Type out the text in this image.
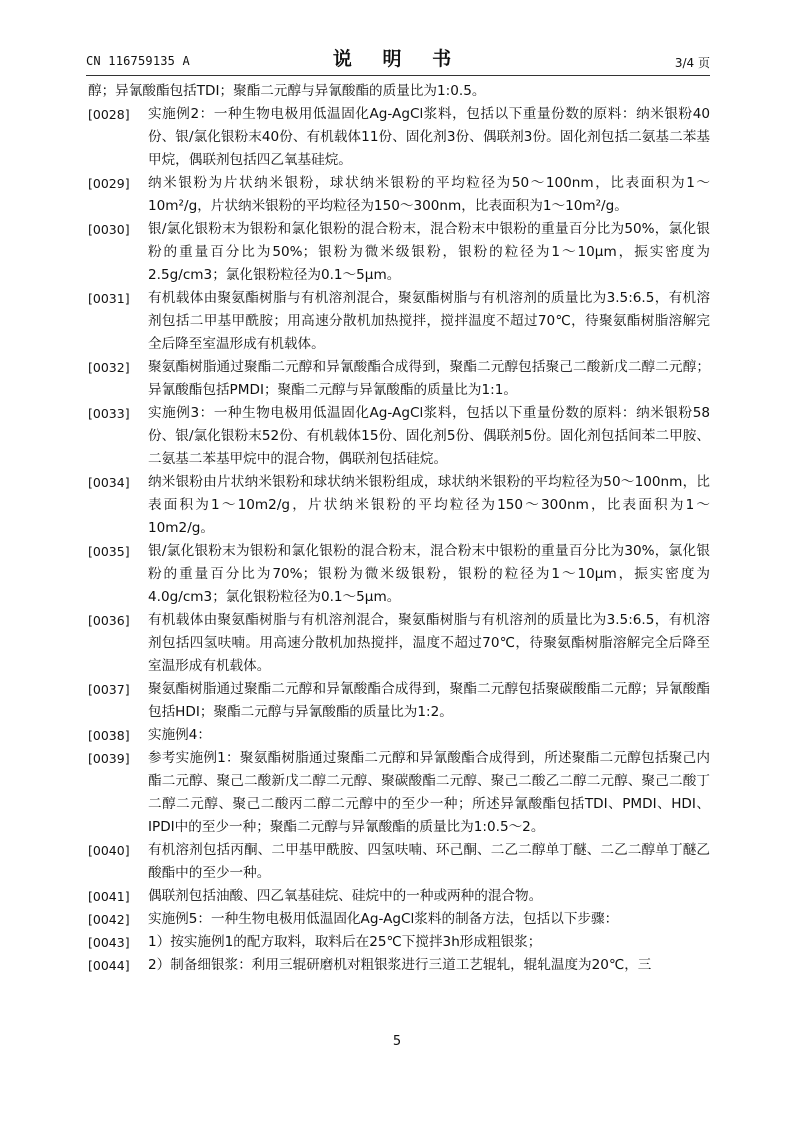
CN 116759135 A	说 明 书	3/4 页
醇；异氰酸酯包括TDI；聚酯二元醇与异氰酸酯的质量比为1:0.5。
[0028] 实施例2：一种生物电极用低温固化Ag-AgCl浆料，包括以下重量份数的原料：纳米银粉40份、银/氯化银粉末40份、有机载体11份、固化剂3份、偶联剂3份。固化剂包括二氨基二苯基甲烷，偶联剂包括四乙氧基硅烷。
[0029] 纳米银粉为片状纳米银粉，球状纳米银粉的平均粒径为50～100nm，比表面积为1～10m²/g，片状纳米银粉的平均粒径为150～300nm，比表面积为1～10m²/g。
[0030] 银/氯化银粉末为银粉和氯化银粉的混合粉末，混合粉末中银粉的重量百分比为50%，氯化银粉的重量百分比为50%；银粉为微米级银粉，银粉的粒径为1～10μm，振实密度为2.5g/cm3；氯化银粉粒径为0.1～5μm。
[0031] 有机载体由聚氨酯树脂与有机溶剂混合，聚氨酯树脂与有机溶剂的质量比为3.5:6.5，有机溶剂包括二甲基甲酰胺；用高速分散机加热搅拌，搅拌温度不超过70℃，待聚氨酯树脂溶解完全后降至室温形成有机载体。
[0032] 聚氨酯树脂通过聚酯二元醇和异氰酸酯合成得到，聚酯二元醇包括聚己二酸新戊二醇二元醇；异氰酸酯包括PMDI；聚酯二元醇与异氰酸酯的质量比为1:1。
[0033] 实施例3：一种生物电极用低温固化Ag-AgCl浆料，包括以下重量份数的原料：纳米银粉58份、银/氯化银粉末52份、有机载体15份、固化剂5份、偶联剂5份。固化剂包括间苯二甲胺、二氨基二苯基甲烷中的混合物，偶联剂包括硅烷。
[0034] 纳米银粉由片状纳米银粉和球状纳米银粉组成，球状纳米银粉的平均粒径为50～100nm，比表面积为1～10m2/g，片状纳米银粉的平均粒径为150～300nm，比表面积为1～10m2/g。
[0035] 银/氯化银粉末为银粉和氯化银粉的混合粉末，混合粉末中银粉的重量百分比为30%，氯化银粉的重量百分比为70%；银粉为微米级银粉，银粉的粒径为1～10μm，振实密度为4.0g/cm3；氯化银粉粒径为0.1～5μm。
[0036] 有机载体由聚氨酯树脂与有机溶剂混合，聚氨酯树脂与有机溶剂的质量比为3.5:6.5，有机溶剂包括四氢呋喃。用高速分散机加热搅拌，温度不超过70℃，待聚氨酯树脂溶解完全后降至室温形成有机载体。
[0037] 聚氨酯树脂通过聚酯二元醇和异氰酸酯合成得到，聚酯二元醇包括聚碳酸酯二元醇；异氰酸酯包括HDI；聚酯二元醇与异氰酸酯的质量比为1:2。
[0038] 实施例4：
[0039] 参考实施例1：聚氨酯树脂通过聚酯二元醇和异氰酸酯合成得到，所述聚酯二元醇包括聚己内酯二元醇、聚己二酸新戊二醇二元醇、聚碳酸酯二元醇、聚己二酸乙二醇二元醇、聚己二酸丁二醇二元醇、聚己二酸丙二醇二元醇中的至少一种；所述异氰酸酯包括TDI、PMDI、HDI、IPDI中的至少一种；聚酯二元醇与异氰酸酯的质量比为1:0.5～2。
[0040] 有机溶剂包括丙酮、二甲基甲酰胺、四氢呋喃、环己酮、二乙二醇单丁醚、二乙二醇单丁醚乙酸酯中的至少一种。
[0041] 偶联剂包括油酸、四乙氧基硅烷、硅烷中的一种或两种的混合物。
[0042] 实施例5：一种生物电极用低温固化Ag-AgCl浆料的制备方法，包括以下步骤：
[0043] 1）按实施例1的配方取料，取料后在25℃下搅拌3h形成粗银浆；
[0044] 2）制备细银浆：利用三辊研磨机对粗银浆进行三道工艺辊轧，辊轧温度为20℃，三
5
